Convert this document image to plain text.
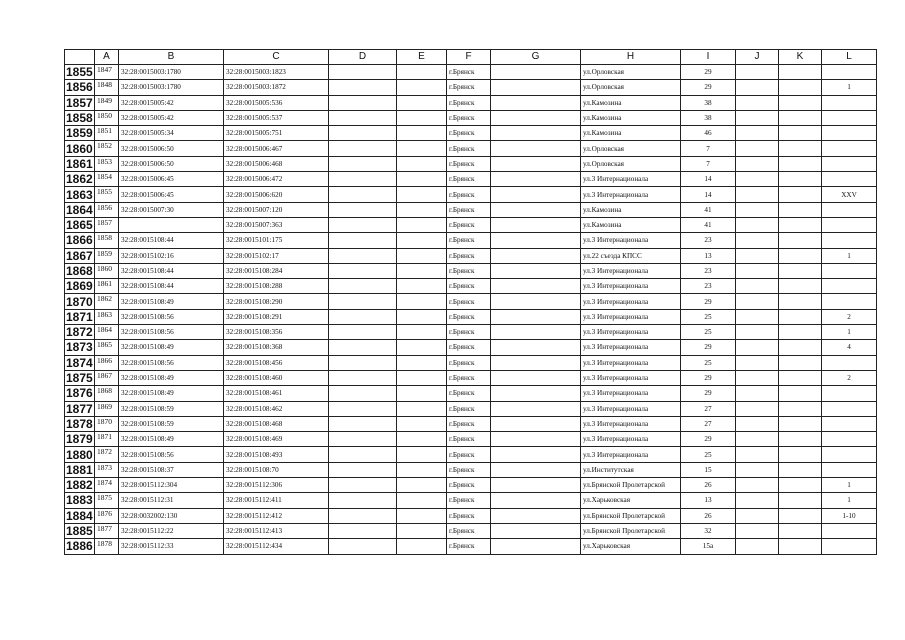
	A	B	C	D	E	F	G	H	I	J	K	L
1855	1847	32:28:0015003:1780	32:28:0015003:1823			г.Брянск		ул.Орловская	29			
1856	1848	32:28:0015003:1780	32:28:0015003:1872			г.Брянск		ул.Орловская	29			1
1857	1849	32:28:0015005:42	32:28:0015005:536			г.Брянск		ул.Камозина	38			
1858	1850	32:28:0015005:42	32:28:0015005:537			г.Брянск		ул.Камозина	38			
1859	1851	32:28:0015005:34	32:28:0015005:751			г.Брянск		ул.Камозина	46			
1860	1852	32:28:0015006:50	32:28:0015006:467			г.Брянск		ул.Орловская	7			
1861	1853	32:28:0015006:50	32:28:0015006:468			г.Брянск		ул.Орловская	7			
1862	1854	32:28:0015006:45	32:28:0015006:472			г.Брянск		ул.3 Интернационала	14			
1863	1855	32:28:0015006:45	32:28:0015006:620			г.Брянск		ул.3 Интернационала	14			XXV
1864	1856	32:28:0015007:30	32:28:0015007:120			г.Брянск		ул.Камозина	41			
1865	1857		32:28:0015007:363			г.Брянск		ул.Камозина	41			
1866	1858	32:28:0015108:44	32:28:0015101:175			г.Брянск		ул.3 Интернационала	23			
1867	1859	32:28:0015102:16	32:28:0015102:17			г.Брянск		ул.22 съезда КПСС	13			1
1868	1860	32:28:0015108:44	32:28:0015108:284			г.Брянск		ул.3 Интернационала	23			
1869	1861	32:28:0015108:44	32:28:0015108:288			г.Брянск		ул.3 Интернационала	23			
1870	1862	32:28:0015108:49	32:28:0015108:290			г.Брянск		ул.3 Интернационала	29			
1871	1863	32:28:0015108:56	32:28:0015108:291			г.Брянск		ул.3 Интернационала	25			2
1872	1864	32:28:0015108:56	32:28:0015108:356			г.Брянск		ул.3 Интернационала	25			1
1873	1865	32:28:0015108:49	32:28:0015108:368			г.Брянск		ул.3 Интернационала	29			4
1874	1866	32:28:0015108:56	32:28:0015108:456			г.Брянск		ул.3 Интернационала	25			
1875	1867	32:28:0015108:49	32:28:0015108:460			г.Брянск		ул.3 Интернационала	29			2
1876	1868	32:28:0015108:49	32:28:0015108:461			г.Брянск		ул.3 Интернационала	29			
1877	1869	32:28:0015108:59	32:28:0015108:462			г.Брянск		ул.3 Интернационала	27			
1878	1870	32:28:0015108:59	32:28:0015108:468			г.Брянск		ул.3 Интернационала	27			
1879	1871	32:28:0015108:49	32:28:0015108:469			г.Брянск		ул.3 Интернационала	29			
1880	1872	32:28:0015108:56	32:28:0015108:493			г.Брянск		ул.3 Интернационала	25			
1881	1873	32:28:0015108:37	32:28:0015108:70			г.Брянск		ул.Институтская	15			
1882	1874	32:28:0015112:304	32:28:0015112:306			г.Брянск		ул.Брянской Пролетарской	26			1
1883	1875	32:28:0015112:31	32:28:0015112:411			г.Брянск		ул.Харьковская	13			1
1884	1876	32:28:0032002:130	32:28:0015112:412			г.Брянск		ул.Брянской Пролетарской	26			1-10
1885	1877	32:28:0015112:22	32:28:0015112:413			г.Брянск		ул.Брянской Пролетарской	32			
1886	1878	32:28:0015112:33	32:28:0015112:434			г.Брянск		ул.Харьковская	15а			
